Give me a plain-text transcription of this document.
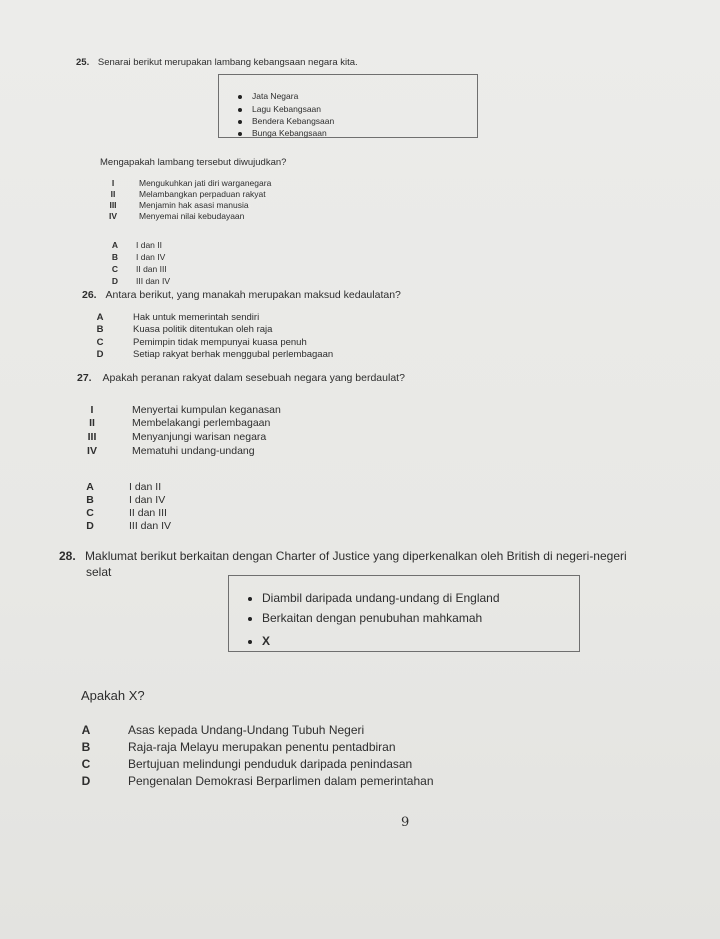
25. Senarai berikut merupakan lambang kebangsaan negara kita.
Jata Negara
Lagu Kebangsaan
Bendera Kebangsaan
Bunga Kebangsaan
Mengapakah lambang tersebut diwujudkan?
I	Mengukuhkan jati diri warganegara
II	Melambangkan perpaduan rakyat
III	Menjamin hak asasi manusia
IV	Menyemai nilai kebudayaan
A I dan II
B I dan IV
C II dan III
D III dan IV
26. Antara berikut, yang manakah merupakan maksud kedaulatan?
A	Hak untuk memerintah sendiri
B	Kuasa politik ditentukan oleh raja
C	Pemimpin tidak mempunyai kuasa penuh
D	Setiap rakyat berhak menggubal perlembagaan
27. Apakah peranan rakyat dalam sesebuah negara yang berdaulat?
I	Menyertai kumpulan keganasan
II	Membelakangi perlembagaan
III	Menyanjungi warisan negara
IV	Mematuhi undang-undang
A	I dan II
B	I dan IV
C	II dan III
D	III dan IV
28. Maklumat berikut berkaitan dengan Charter of Justice yang diperkenalkan oleh British di negeri-negeri
selat
Diambil daripada undang-undang di England
Berkaitan dengan penubuhan mahkamah
X
Apakah X?
A	Asas kepada Undang-Undang Tubuh Negeri
B	Raja-raja Melayu merupakan penentu pentadbiran
C	Bertujuan melindungi penduduk daripada penindasan
D	Pengenalan Demokrasi Berparlimen dalam pemerintahan
9
